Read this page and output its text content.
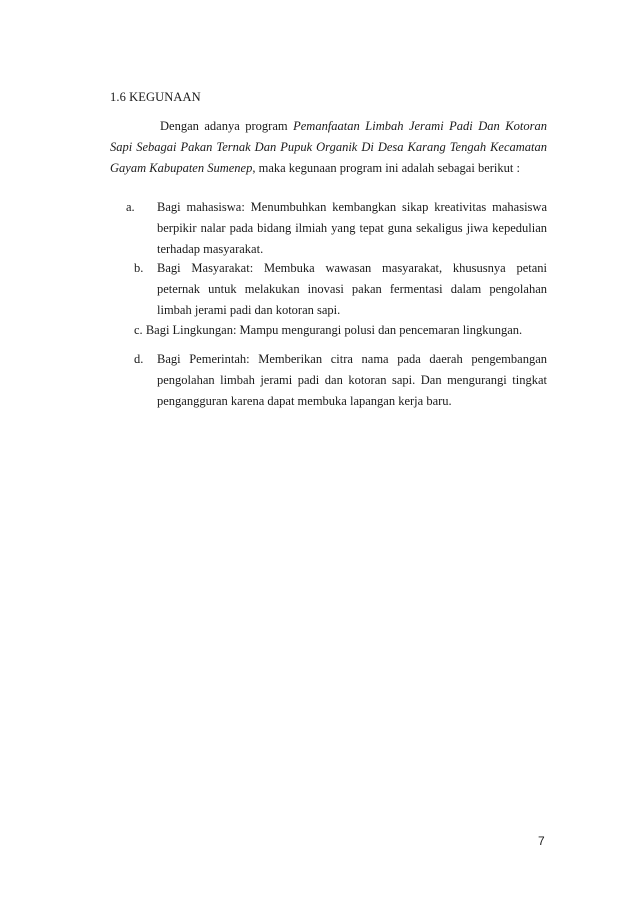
1.6 KEGUNAAN

Dengan adanya program Pemanfaatan Limbah Jerami Padi Dan Kotoran Sapi Sebagai Pakan Ternak Dan Pupuk Organik Di Desa Karang Tengah Kecamatan Gayam Kabupaten Sumenep, maka kegunaan program ini adalah sebagai berikut :

a.	Bagi mahasiswa: Menumbuhkan kembangkan sikap kreativitas mahasiswa berpikir nalar pada bidang ilmiah yang tepat guna sekaligus jiwa kepedulian terhadap masyarakat.
b.	Bagi Masyarakat: Membuka wawasan masyarakat, khususnya petani peternak untuk melakukan inovasi pakan fermentasi dalam pengolahan limbah jerami padi dan kotoran sapi.
c. Bagi Lingkungan: Mampu mengurangi polusi dan pencemaran lingkungan.
d.	Bagi Pemerintah: Memberikan citra nama pada daerah pengembangan pengolahan limbah jerami padi dan kotoran sapi. Dan mengurangi tingkat pengangguran karena dapat membuka lapangan kerja baru.
7
